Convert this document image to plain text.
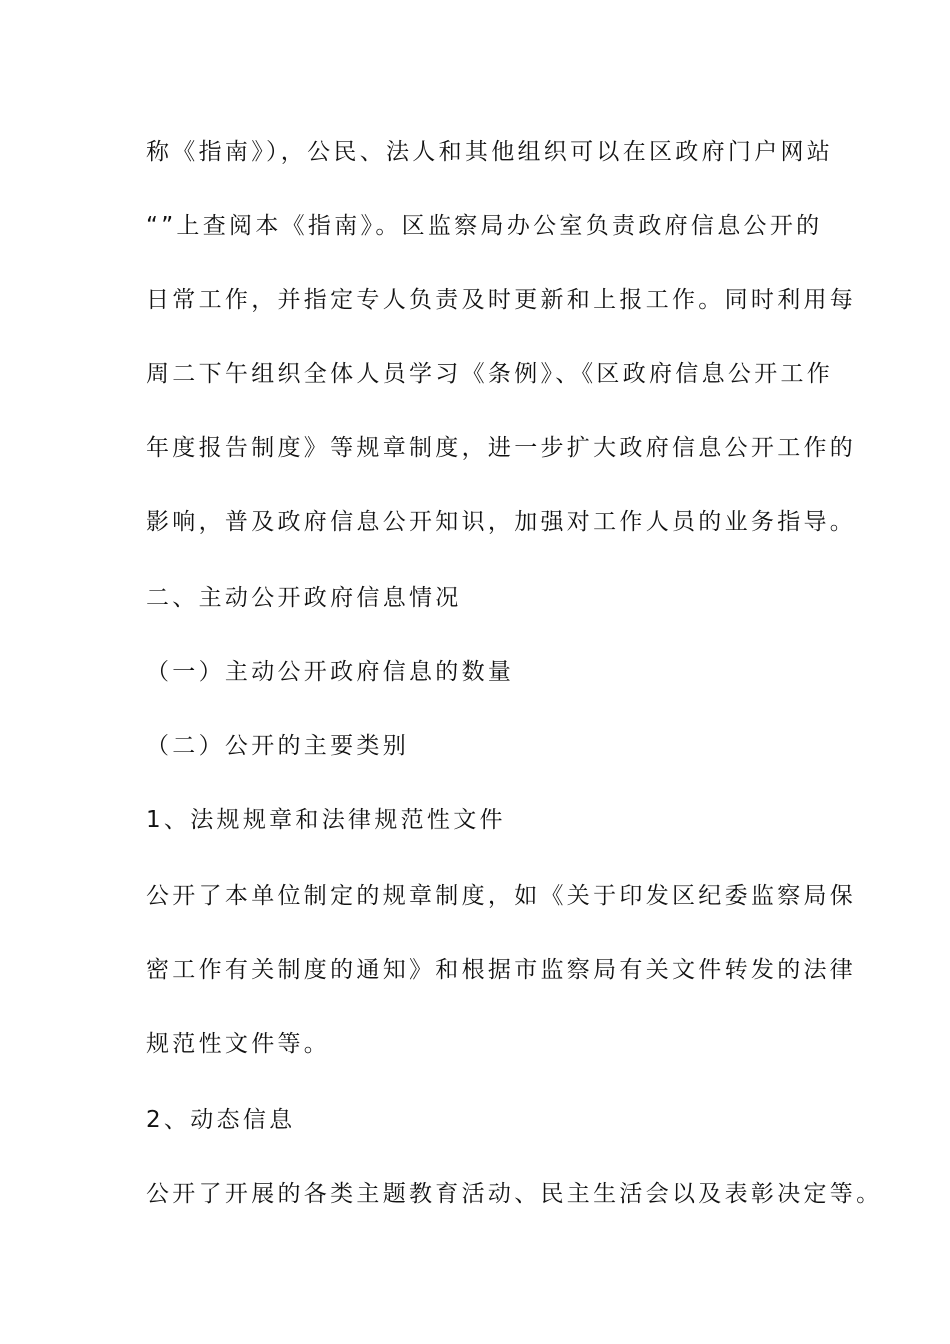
称《指南》），公民、法人和其他组织可以在区政府门户网站
“”上查阅本《指南》。区监察局办公室负责政府信息公开的
日常工作，并指定专人负责及时更新和上报工作。同时利用每
周二下午组织全体人员学习《条例》、《区政府信息公开工作
年度报告制度》等规章制度，进一步扩大政府信息公开工作的
影响，普及政府信息公开知识，加强对工作人员的业务指导。
二、主动公开政府信息情况
（一）主动公开政府信息的数量
（二）公开的主要类别
1、法规规章和法律规范性文件
公开了本单位制定的规章制度，如《关于印发区纪委监察局保
密工作有关制度的通知》和根据市监察局有关文件转发的法律
规范性文件等。
2、动态信息
公开了开展的各类主题教育活动、民主生活会以及表彰决定等。
